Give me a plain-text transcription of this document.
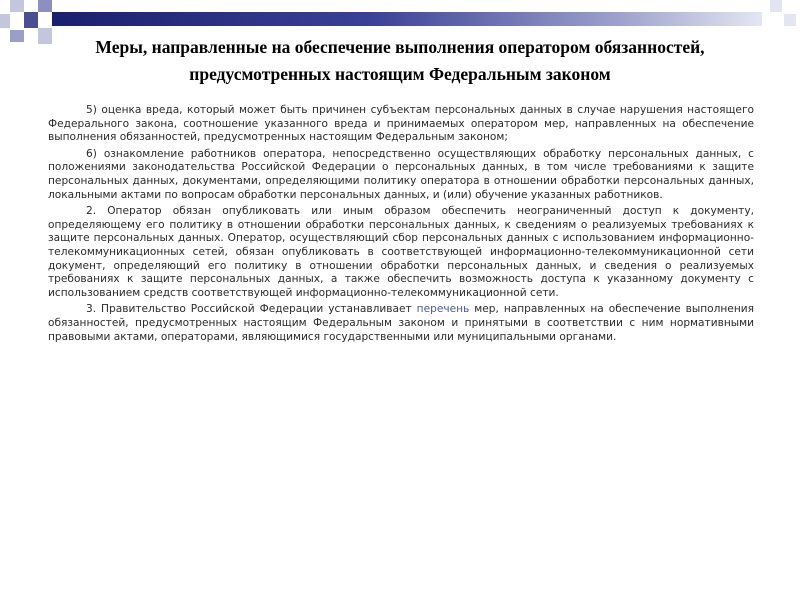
Меры, направленные на обеспечение выполнения оператором обязанностей, предусмотренных настоящим Федеральным законом

5) оценка вреда, который может быть причинен субъектам персональных данных в случае нарушения настоящего Федерального закона, соотношение указанного вреда и принимаемых оператором мер, направленных на обеспечение выполнения обязанностей, предусмотренных настоящим Федеральным законом;

6) ознакомление работников оператора, непосредственно осуществляющих обработку персональных данных, с положениями законодательства Российской Федерации о персональных данных, в том числе требованиями к защите персональных данных, документами, определяющими политику оператора в отношении обработки персональных данных, локальными актами по вопросам обработки персональных данных, и (или) обучение указанных работников.

2. Оператор обязан опубликовать или иным образом обеспечить неограниченный доступ к документу, определяющему его политику в отношении обработки персональных данных, к сведениям о реализуемых требованиях к защите персональных данных. Оператор, осуществляющий сбор персональных данных с использованием информационно-телекоммуникационных сетей, обязан опубликовать в соответствующей информационно-телекоммуникационной сети документ, определяющий его политику в отношении обработки персональных данных, и сведения о реализуемых требованиях к защите персональных данных, а также обеспечить возможность доступа к указанному документу с использованием средств соответствующей информационно-телекоммуникационной сети.

3. Правительство Российской Федерации устанавливает перечень мер, направленных на обеспечение выполнения обязанностей, предусмотренных настоящим Федеральным законом и принятыми в соответствии с ним нормативными правовыми актами, операторами, являющимися государственными или муниципальными органами.
